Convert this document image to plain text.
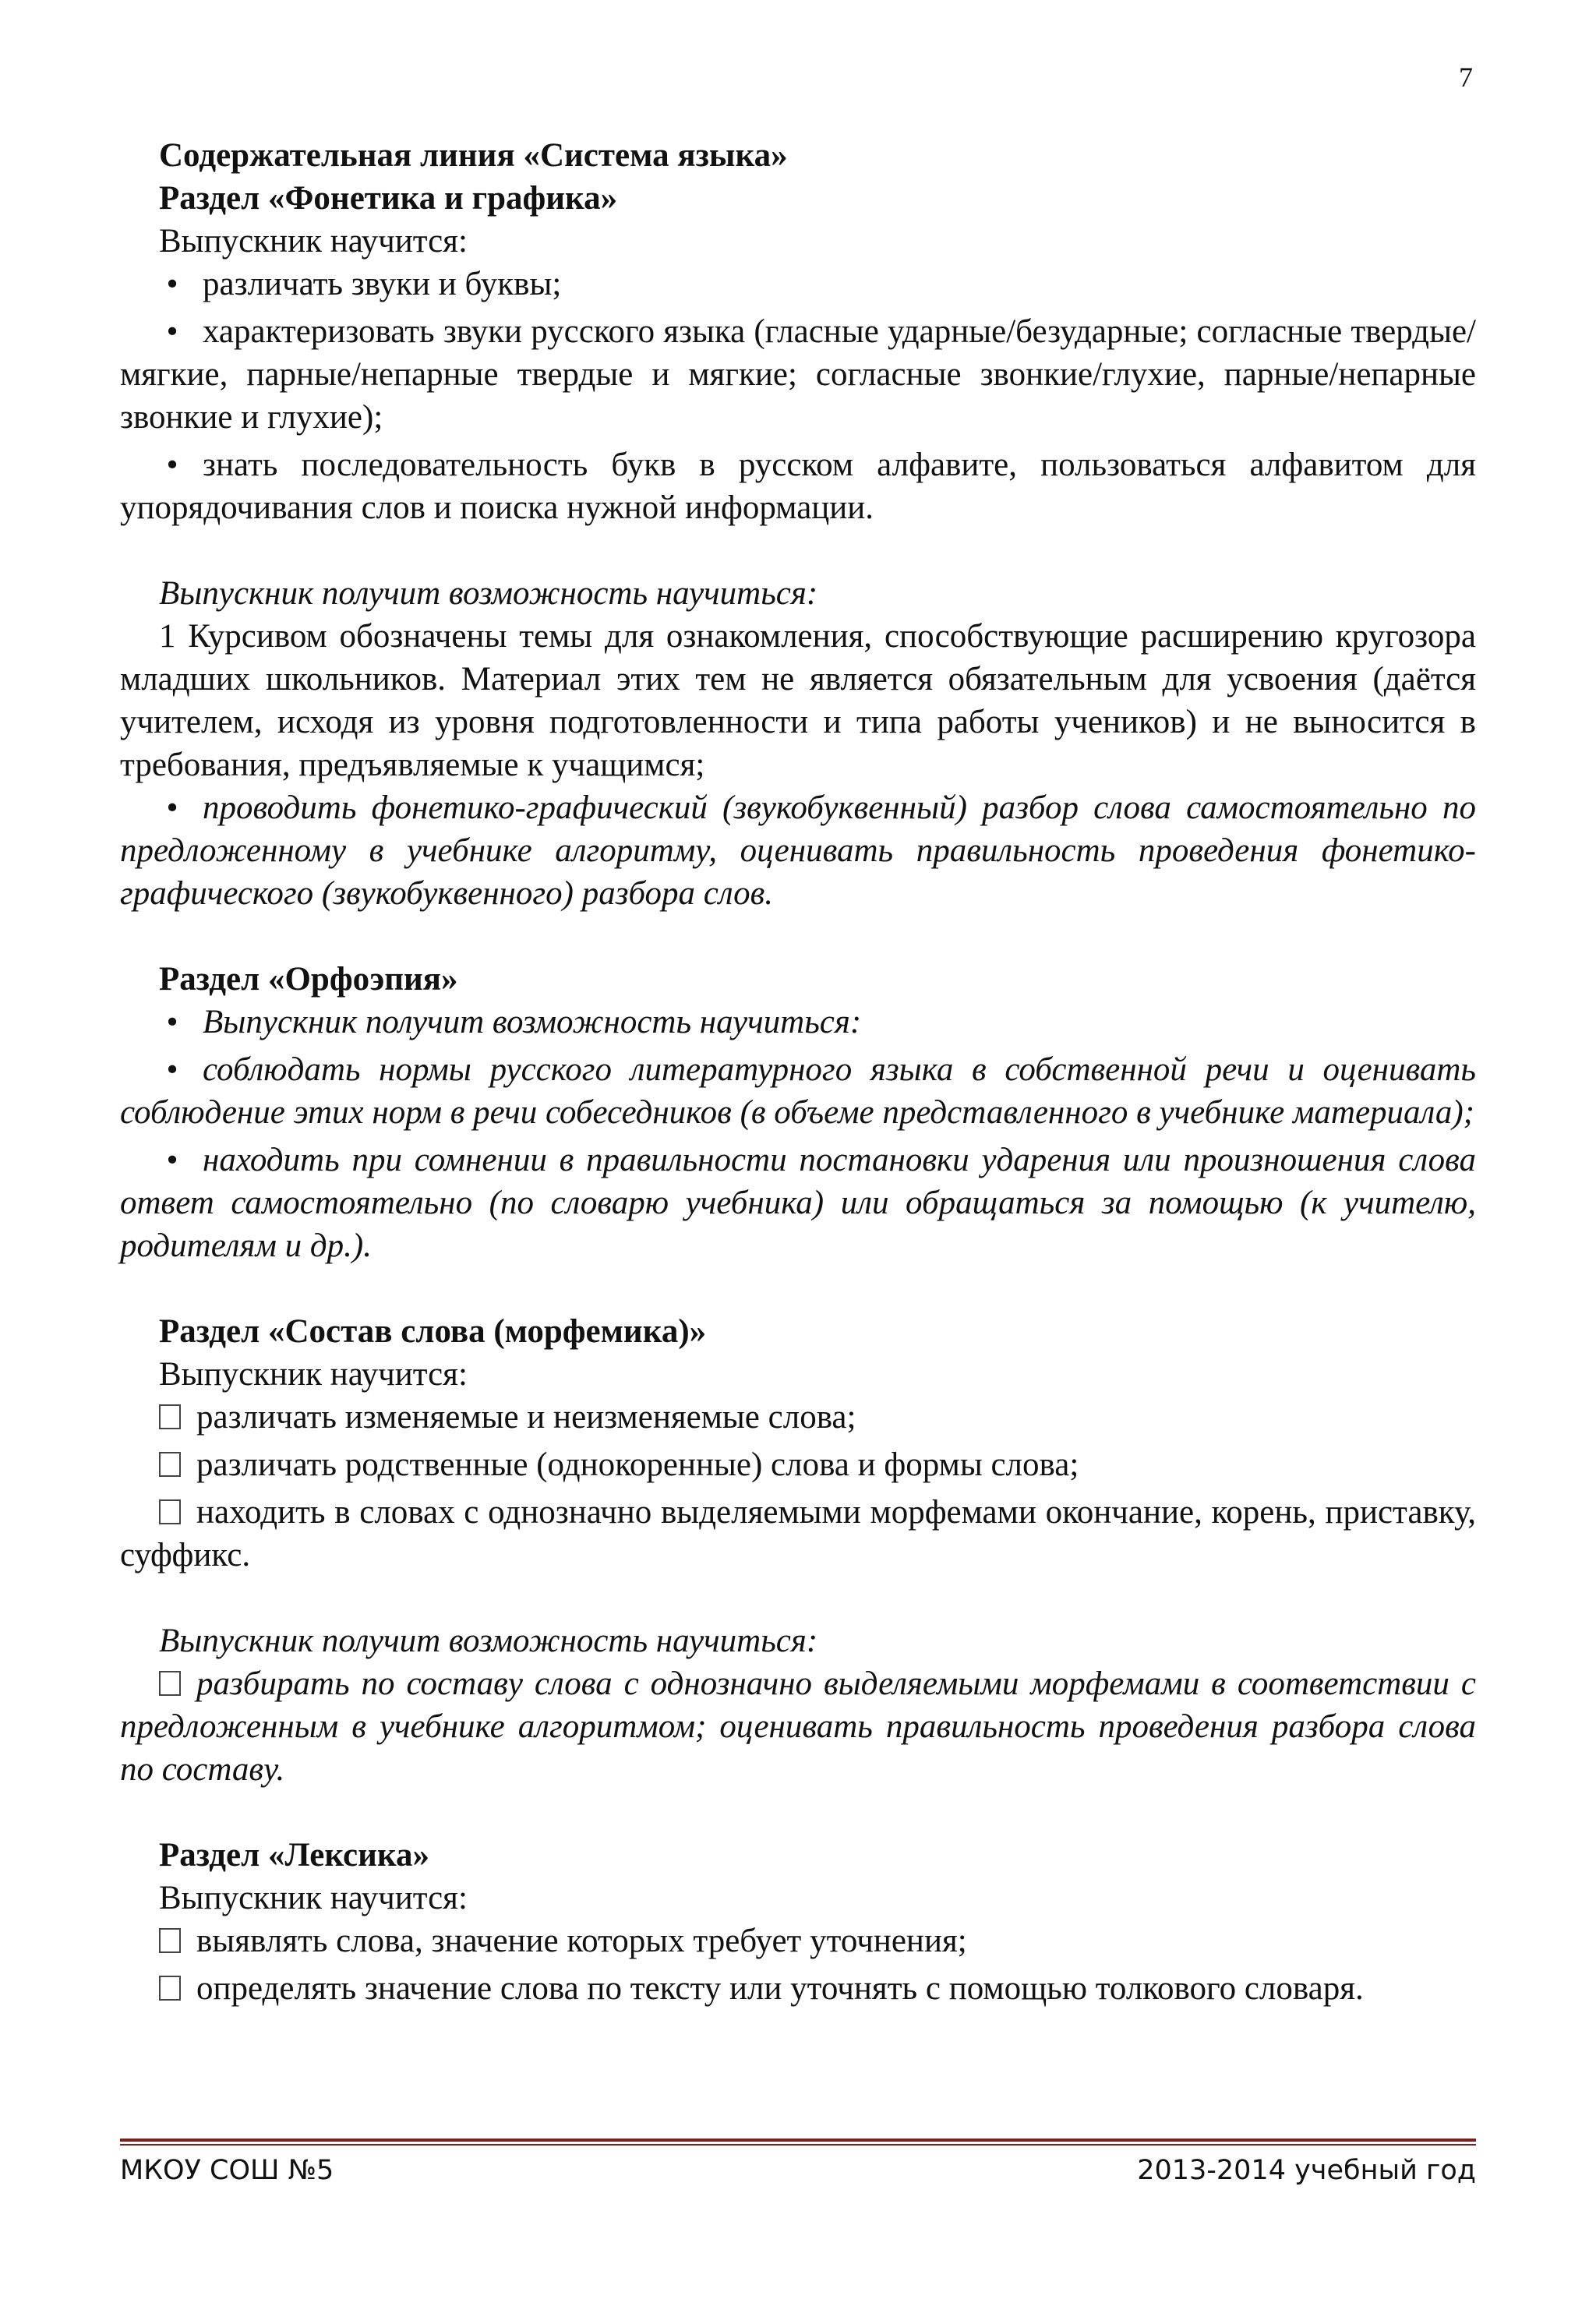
7

Содержательная линия «Система языка»

Раздел «Фонетика и графика»

Выпускник научится:

• различать звуки и буквы;

• характеризовать звуки русского языка (гласные ударные/безударные; согласные твердые/мягкие, парные/непарные твердые и мягкие; согласные звонкие/глухие, парные/непарные звонкие и глухие);

• знать последовательность букв в русском алфавите, пользоваться алфавитом для упорядочивания слов и поиска нужной информации.

Выпускник получит возможность научиться:

1 Курсивом обозначены темы для ознакомления, способствующие расширению кругозора младших школьников. Материал этих тем не является обязательным для усвоения (даётся учителем, исходя из уровня подготовленности и типа работы учеников) и не выносится в требования, предъявляемые к учащимся;

• проводить фонетико-графический (звукобуквенный) разбор слова самостоятельно по предложенному в учебнике алгоритму, оценивать правильность проведения фонетико-графического (звукобуквенного) разбора слов.

Раздел «Орфоэпия»

• Выпускник получит возможность научиться:

• соблюдать нормы русского литературного языка в собственной речи и оценивать соблюдение этих норм в речи собеседников (в объеме представленного в учебнике материала);

• находить при сомнении в правильности постановки ударения или произношения слова ответ самостоятельно (по словарю учебника) или обращаться за помощью (к учителю, родителям и др.).

Раздел «Состав слова (морфемика)»

Выпускник научится:

различать изменяемые и неизменяемые слова;

различать родственные (однокоренные) слова и формы слова;

находить в словах с однозначно выделяемыми морфемами окончание, корень, приставку, суффикс.

Выпускник получит возможность научиться:

разбирать по составу слова с однозначно выделяемыми морфемами в соответствии с предложенным в учебнике алгоритмом; оценивать правильность проведения разбора слова по составу.

Раздел «Лексика»

Выпускник научится:

выявлять слова, значение которых требует уточнения;

определять значение слова по тексту или уточнять с помощью толкового словаря.

МКОУ СОШ №5	2013-2014 учебный год
